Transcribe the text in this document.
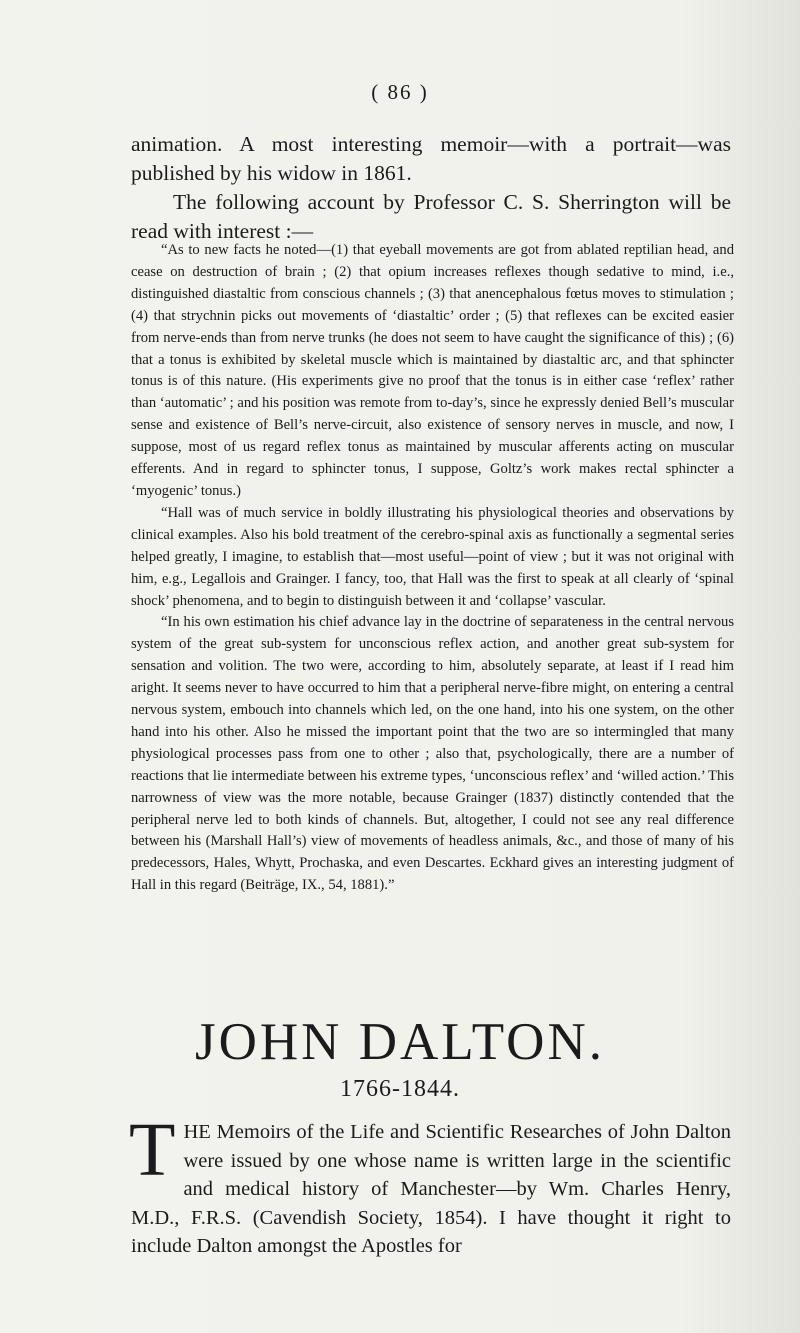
( 86 )

animation. A most interesting memoir—with a portrait—was published by his widow in 1861.

The following account by Professor C. S. Sherrington will be read with interest :—

“As to new facts he noted—(1) that eyeball movements are got from ablated reptilian head, and cease on destruction of brain ; (2) that opium increases reflexes though sedative to mind, i.e., distinguished diastaltic from conscious channels ; (3) that anencephalous fœtus moves to stimulation ; (4) that strychnin picks out movements of ‘diastaltic’ order ; (5) that reflexes can be excited easier from nerve-ends than from nerve trunks (he does not seem to have caught the significance of this) ; (6) that a tonus is exhibited by skeletal muscle which is maintained by diastaltic arc, and that sphincter tonus is of this nature. (His experiments give no proof that the tonus is in either case ‘reflex’ rather than ‘automatic’ ; and his position was remote from to-day’s, since he expressly denied Bell’s muscular sense and existence of Bell’s nerve-circuit, also existence of sensory nerves in muscle, and now, I suppose, most of us regard reflex tonus as maintained by muscular afferents acting on muscular efferents. And in regard to sphincter tonus, I suppose, Goltz’s work makes rectal sphincter a ‘myogenic’ tonus.)

“Hall was of much service in boldly illustrating his physiological theories and observations by clinical examples. Also his bold treatment of the cerebro-spinal axis as functionally a segmental series helped greatly, I imagine, to establish that—most useful—point of view ; but it was not original with him, e.g., Legallois and Grainger. I fancy, too, that Hall was the first to speak at all clearly of ‘spinal shock’ phenomena, and to begin to distinguish between it and ‘collapse’ vascular.

“In his own estimation his chief advance lay in the doctrine of separateness in the central nervous system of the great sub-system for unconscious reflex action, and another great sub-system for sensation and volition. The two were, according to him, absolutely separate, at least if I read him aright. It seems never to have occurred to him that a peripheral nerve-fibre might, on entering a central nervous system, embouch into channels which led, on the one hand, into his one system, on the other hand into his other. Also he missed the important point that the two are so intermingled that many physiological processes pass from one to other ; also that, psychologically, there are a number of reactions that lie intermediate between his extreme types, ‘unconscious reflex’ and ‘willed action.’ This narrowness of view was the more notable, because Grainger (1837) distinctly contended that the peripheral nerve led to both kinds of channels. But, altogether, I could not see any real difference between his (Marshall Hall’s) view of movements of headless animals, &c., and those of many of his predecessors, Hales, Whytt, Prochaska, and even Descartes. Eckhard gives an interesting judgment of Hall in this regard (Beiträge, IX., 54, 1881).”

JOHN DALTON.
1766-1844.

THE Memoirs of the Life and Scientific Researches of John Dalton were issued by one whose name is written large in the scientific and medical history of Manchester—by Wm. Charles Henry, M.D., F.R.S. (Cavendish Society, 1854). I have thought it right to include Dalton amongst the Apostles for
